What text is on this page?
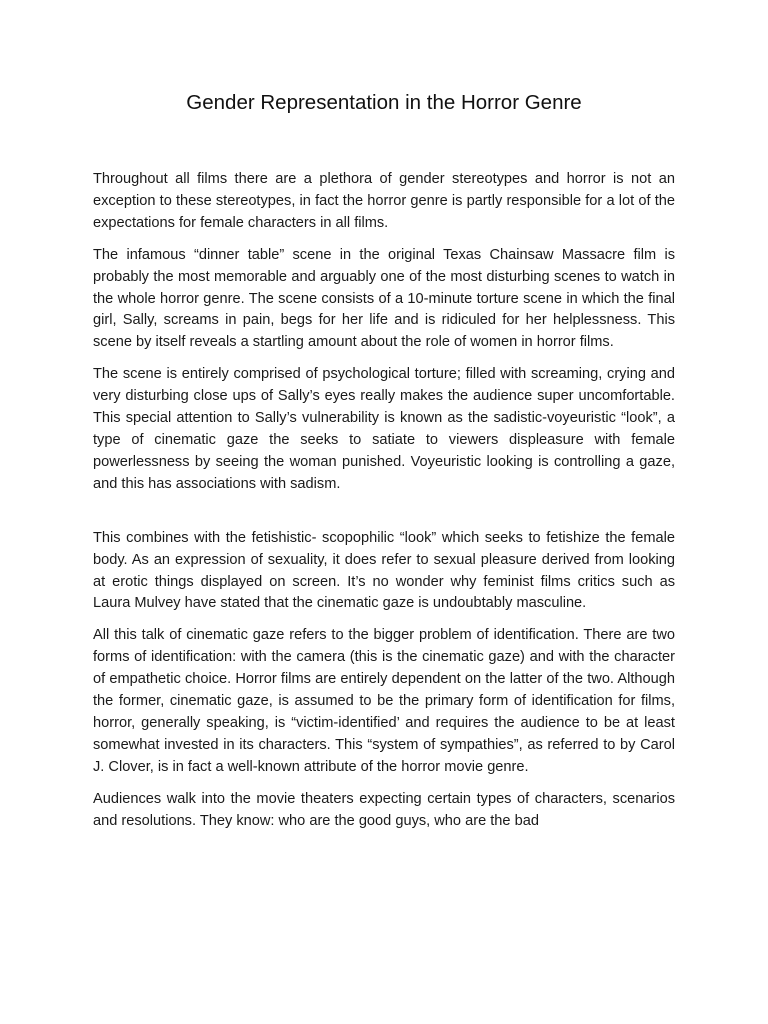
Gender Representation in the Horror Genre

Throughout all films there are a plethora of gender stereotypes and horror is not an exception to these stereotypes, in fact the horror genre is partly responsible for a lot of the expectations for female characters in all films.

The infamous “dinner table” scene in the original Texas Chainsaw Massacre film is probably the most memorable and arguably one of the most disturbing scenes to watch in the whole horror genre. The scene consists of a 10-minute torture scene in which the final girl, Sally, screams in pain, begs for her life and is ridiculed for her helplessness. This scene by itself reveals a startling amount about the role of women in horror films.

The scene is entirely comprised of psychological torture; filled with screaming, crying and very disturbing close ups of Sally’s eyes really makes the audience super uncomfortable. This special attention to Sally’s vulnerability is known as the sadistic-voyeuristic “look”, a type of cinematic gaze the seeks to satiate to viewers displeasure with female powerlessness by seeing the woman punished. Voyeuristic looking is controlling a gaze, and this has associations with sadism.

This combines with the fetishistic- scopophilic “look” which seeks to fetishize the female body. As an expression of sexuality, it does refer to sexual pleasure derived from looking at erotic things displayed on screen. It’s no wonder why feminist films critics such as Laura Mulvey have stated that the cinematic gaze is undoubtably masculine.

All this talk of cinematic gaze refers to the bigger problem of identification. There are two forms of identification: with the camera (this is the cinematic gaze) and with the character of empathetic choice. Horror films are entirely dependent on the latter of the two. Although the former, cinematic gaze, is assumed to be the primary form of identification for films, horror, generally speaking, is “victim-identified’ and requires the audience to be at least somewhat invested in its characters. This “system of sympathies”, as referred to by Carol J. Clover, is in fact a well-known attribute of the horror movie genre.

Audiences walk into the movie theaters expecting certain types of characters, scenarios and resolutions. They know: who are the good guys, who are the bad
